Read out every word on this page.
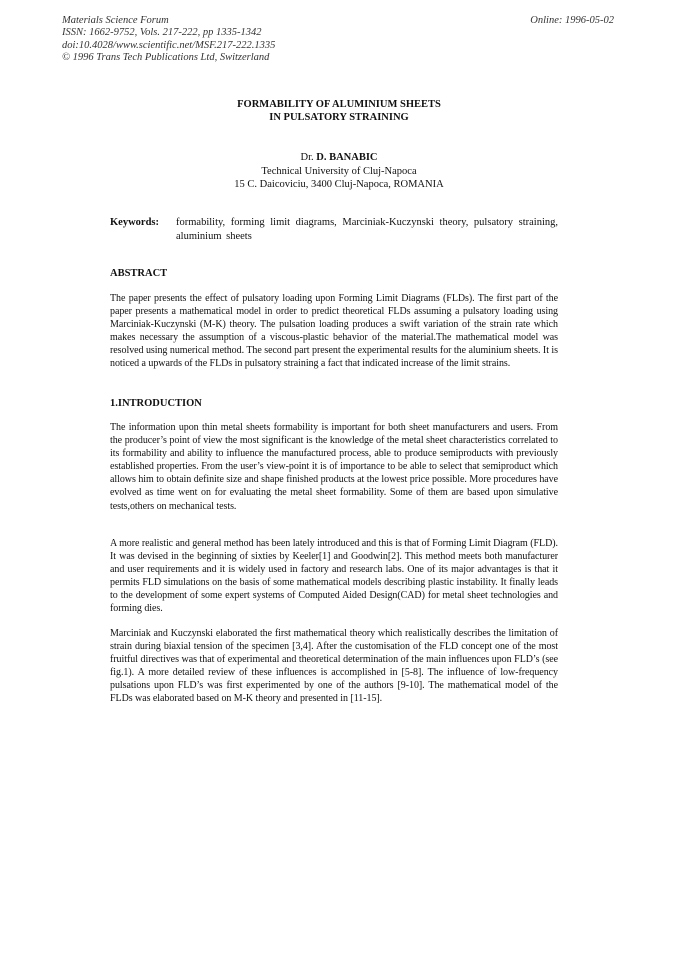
Materials Science Forum
ISSN: 1662-9752, Vols. 217-222, pp 1335-1342
doi:10.4028/www.scientific.net/MSF.217-222.1335
© 1996 Trans Tech Publications Ltd, Switzerland
Online: 1996-05-02
FORMABILITY OF ALUMINIUM SHEETS
IN PULSATORY STRAINING
Dr. D. BANABIC
Technical University of Cluj-Napoca
15 C. Daicoviciu, 3400 Cluj-Napoca, ROMANIA
Keywords:	formability, forming limit diagrams, Marciniak-Kuczynski theory, pulsatory straining, aluminium sheets
ABSTRACT
The paper presents the effect of pulsatory loading upon Forming Limit Diagrams (FLDs). The first part of the paper presents a mathematical model in order to predict theoretical FLDs assuming a pulsatory loading using Marciniak-Kuczynski (M-K) theory. The pulsation loading produces a swift variation of the strain rate which makes necessary the assumption of a viscous-plastic behavior of the material.The mathematical model was resolved using numerical method. The second part present the experimental results for the aluminium sheets. It is noticed a upwards of the FLDs in pulsatory straining a fact that indicated increase of the limit strains.
1.INTRODUCTION
The information upon thin metal sheets formability is important for both sheet manufacturers and users. From the producer’s point of view the most significant is the knowledge of the metal sheet characteristics correlated to its formability and ability to influence the manufactured process, able to produce semiproducts with previously established properties. From the user’s view-point it is of importance to be able to select that semiproduct which allows him to obtain definite size and shape finished products at the lowest price possible. More procedures have evolved as time went on for evaluating the metal sheet formability. Some of them are based upon simulative tests,others on mechanical tests.
A more realistic and general method has been lately introduced and this is that of Forming Limit Diagram (FLD). It was devised in the beginning of sixties by Keeler[1] and Goodwin[2]. This method meets both manufacturer and user requirements and it is widely used in factory and research labs. One of its major advantages is that it permits FLD simulations on the basis of some mathematical models describing plastic instability. It finally leads to the development of some expert systems of Computed Aided Design(CAD) for metal sheet technologies and forming dies.
Marciniak and Kuczynski elaborated the first mathematical theory which realistically describes the limitation of strain during biaxial tension of the specimen [3,4]. After the customisation of the FLD concept one of the most fruitful directives was that of experimental and theoretical determination of the main influences upon FLD’s (see fig.1). A more detailed review of these influences is accomplished in [5-8]. The influence of low-frequency pulsations upon FLD’s was first experimented by one of the authors [9-10]. The mathematical model of the FLDs was elaborated based on M-K theory and presented in [11-15].
